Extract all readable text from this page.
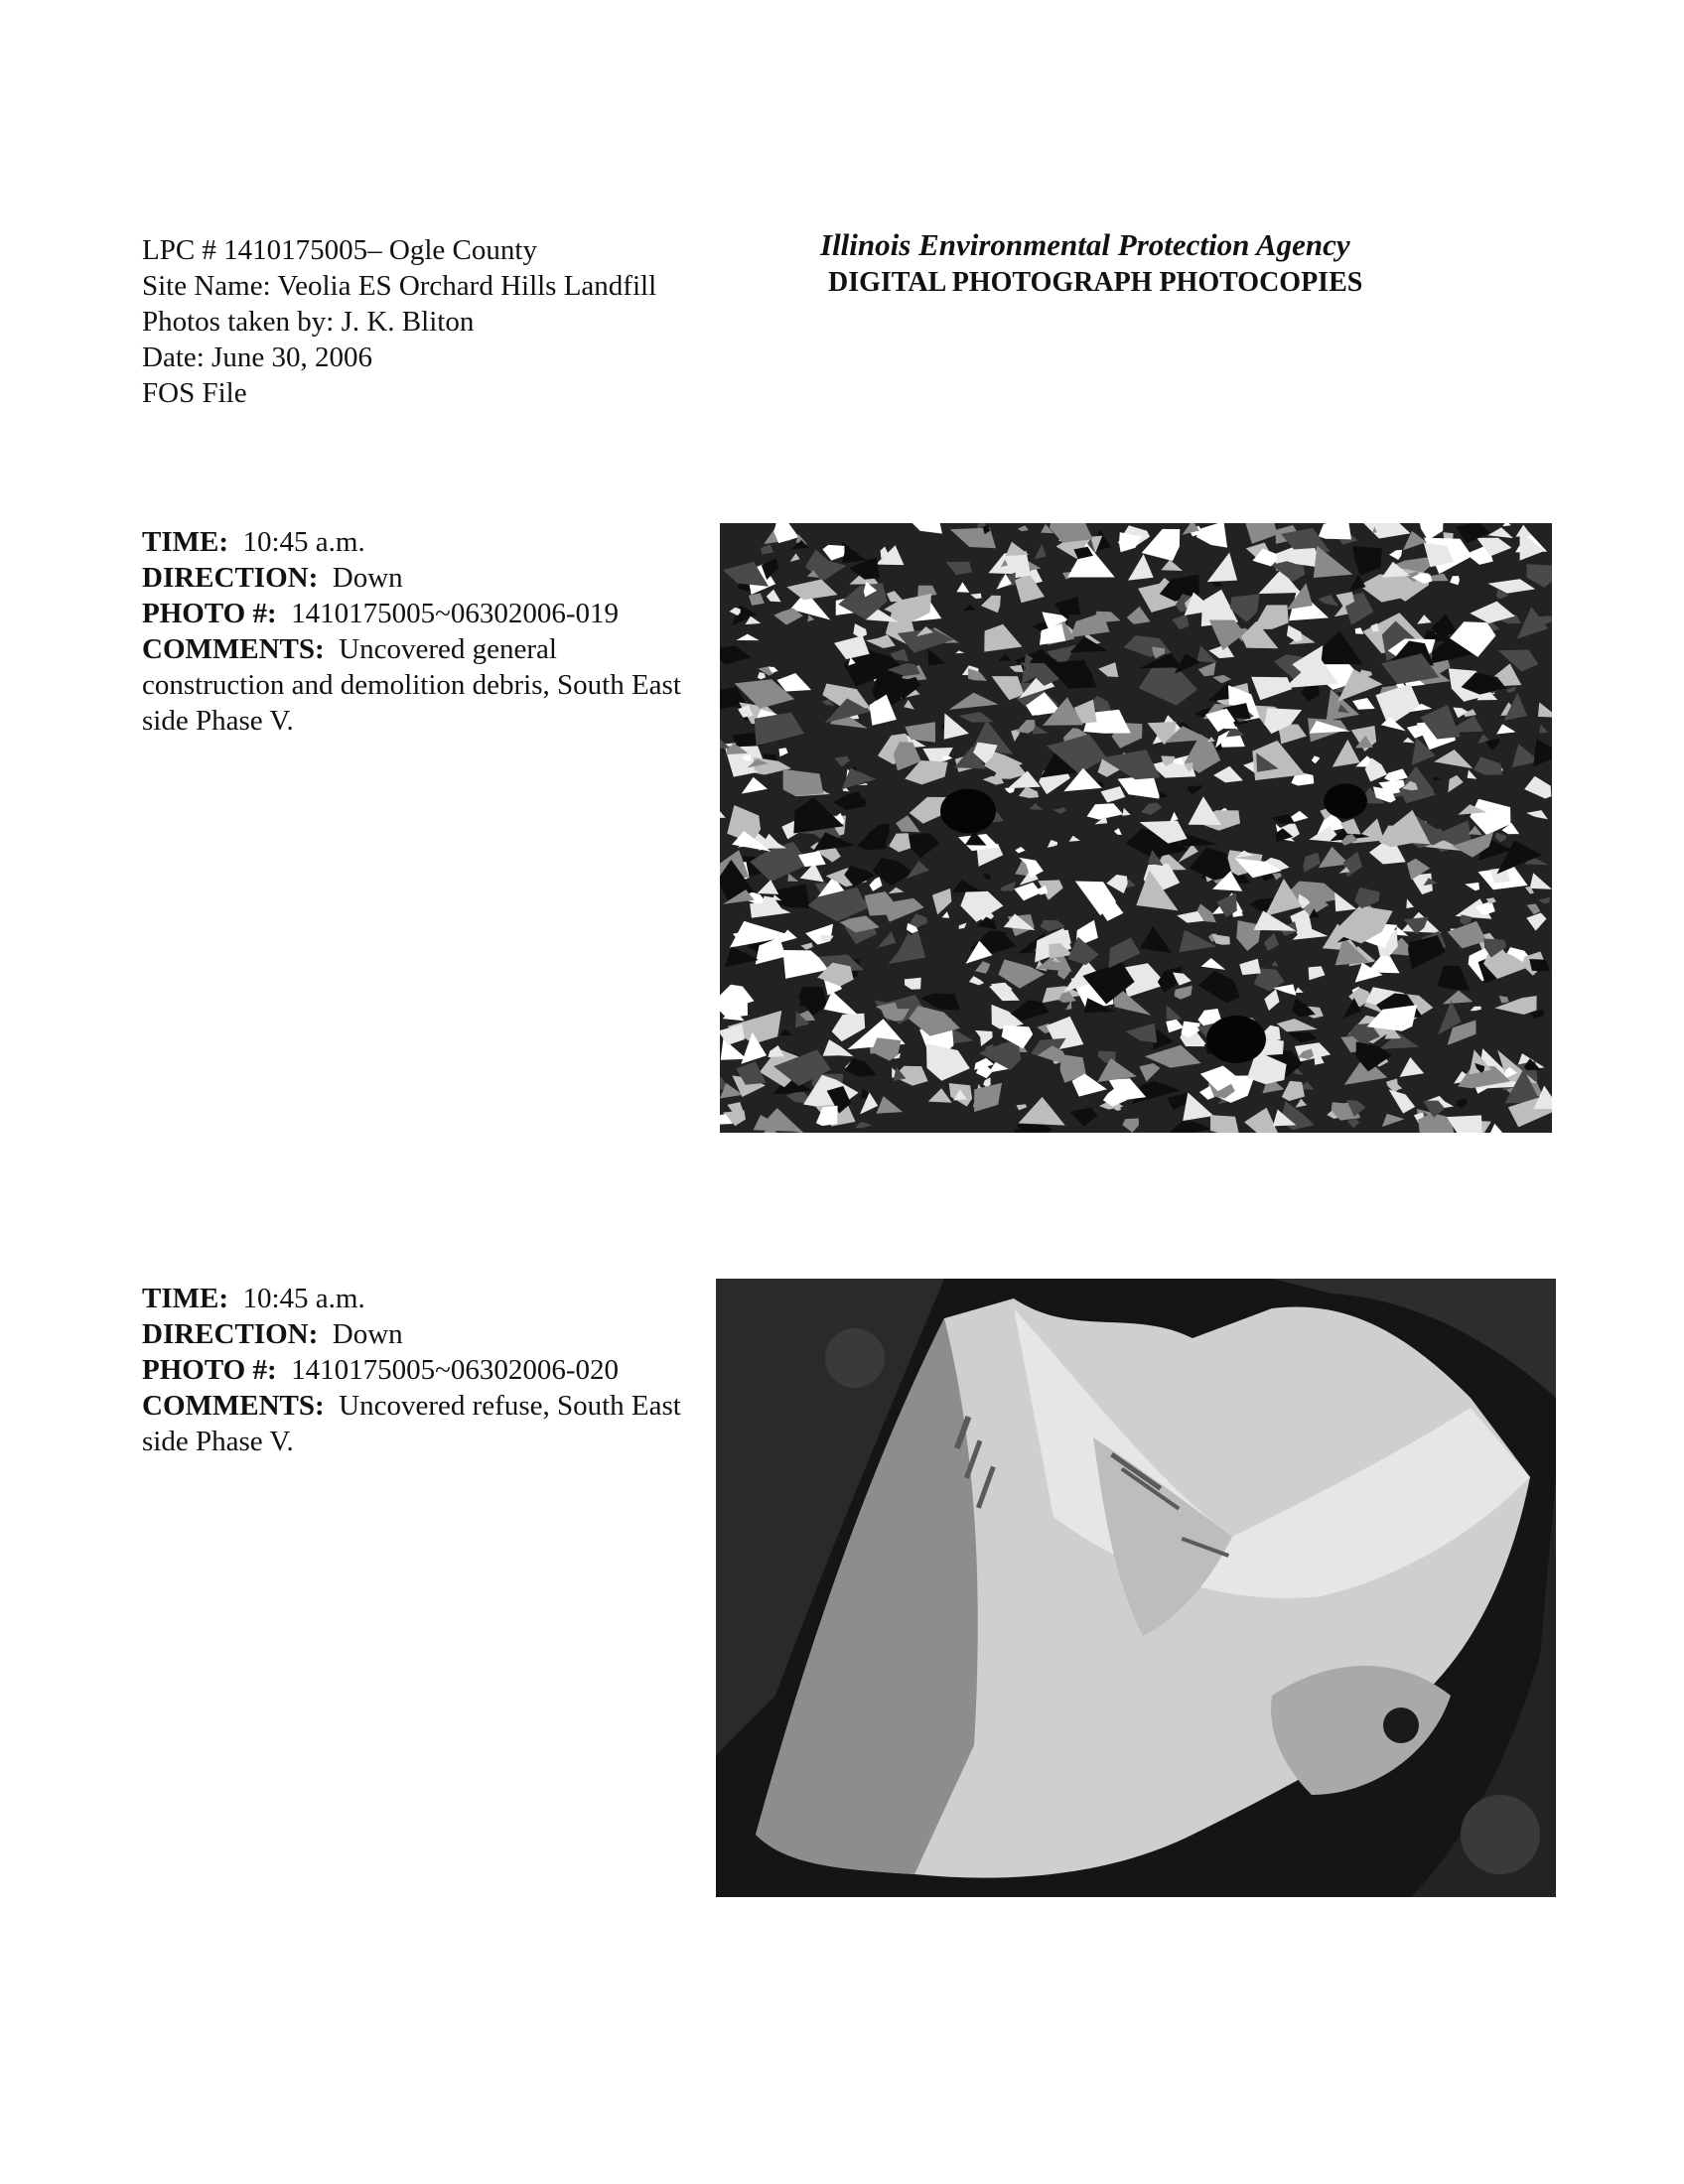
LPC # 1410175005– Ogle County
Site Name: Veolia ES Orchard Hills Landfill
Photos taken by: J. K. Bliton
Date: June 30, 2006
FOS File
Illinois Environmental Protection Agency
DIGITAL PHOTOGRAPH PHOTOCOPIES
TIME: 10:45 a.m.
DIRECTION: Down
PHOTO #: 1410175005~06302006-019
COMMENTS: Uncovered general construction and demolition debris, South East side Phase V.
TIME: 10:45 a.m.
DIRECTION: Down
PHOTO #: 1410175005~06302006-020
COMMENTS: Uncovered refuse, South East side Phase V.
